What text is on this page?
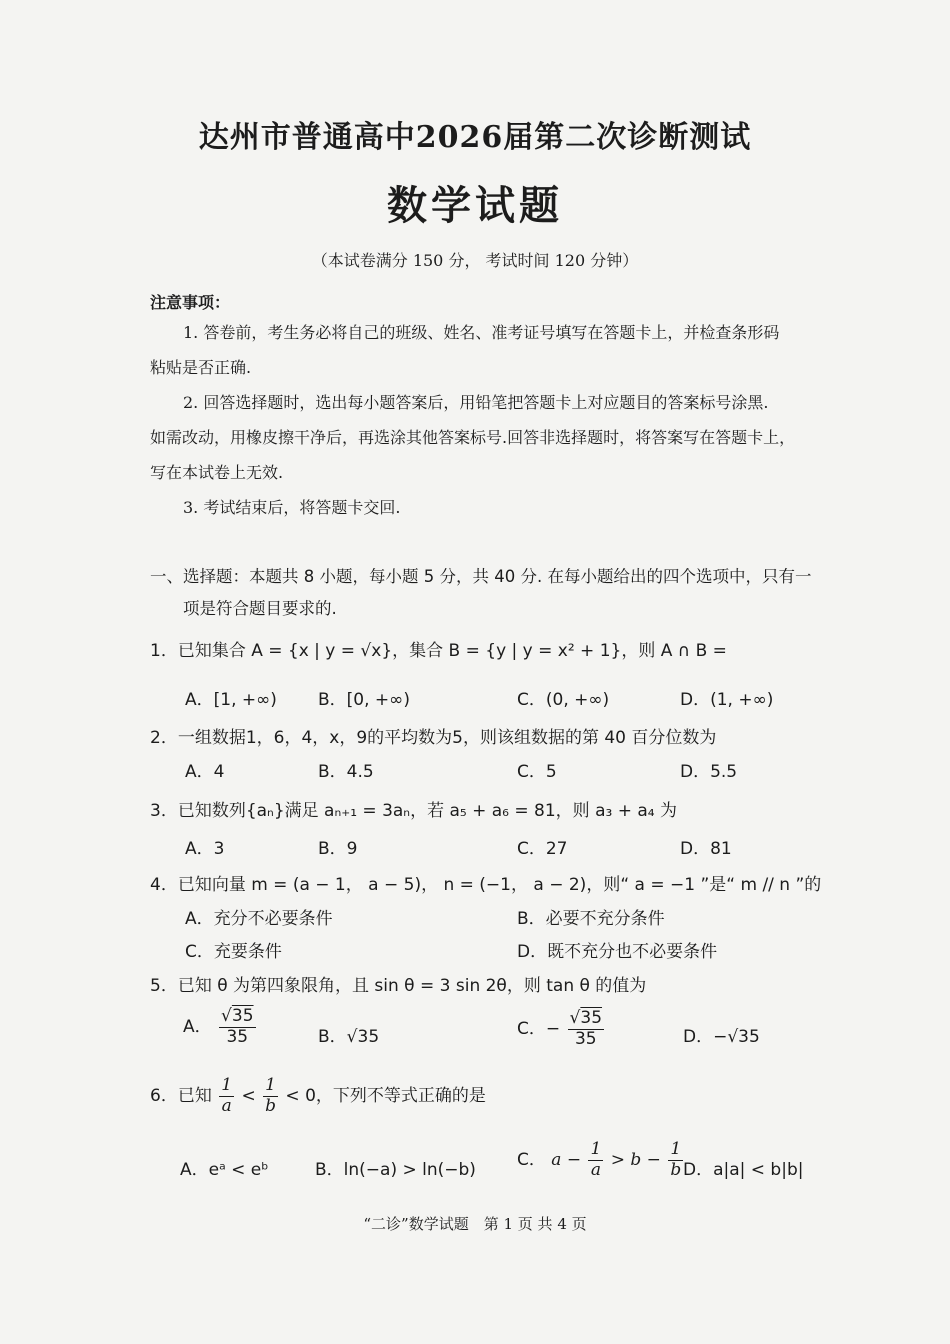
达州市普通高中2026届第二次诊断测试
数学试题
（本试卷满分 150 分， 考试时间 120 分钟）
注意事项：
1. 答卷前，考生务必将自己的班级、姓名、准考证号填写在答题卡上，并检查条形码
粘贴是否正确.
2. 回答选择题时，选出每小题答案后，用铅笔把答题卡上对应题目的答案标号涂黑.
如需改动，用橡皮擦干净后，再选涂其他答案标号.回答非选择题时，将答案写在答题卡上，
写在本试卷上无效.
3. 考试结束后，将答题卡交回.
一、选择题：本题共 8 小题，每小题 5 分，共 40 分. 在每小题给出的四个选项中，只有一
项是符合题目要求的.
1．已知集合 A = {x | y = √x}，集合 B = {y | y = x² + 1}，则 A ∩ B =
A．[1, +∞) B．[0, +∞)	C．(0, +∞)	D．(1, +∞)
2．一组数据1，6，4，x，9的平均数为5，则该组数据的第 40 百分位数为
A．4	B．4.5	C．5	D．5.5
3．已知数列{aₙ}满足 aₙ₊₁ = 3aₙ，若 a₅ + a₆ = 81，则 a₃ + a₄ 为
A．3	B．9	C．27	D．81
4．已知向量 m = (a − 1， a − 5)， n = (−1， a − 2)，则“ a = −1 ”是“ m // n ”的
A．充分不必要条件	B．必要不充分条件
C．充要条件	D．既不充分也不必要条件
5．已知 θ 为第四象限角，且 sin θ = 3 sin 2θ，则 tan θ 的值为
A． $\frac{√35}{35}$	B．√35	C．− $\frac{√35}{35}$	D．−√35
6．已知 $\frac{1}{a} < \frac{1}{b} < 0$，下列不等式正确的是
A．eᵃ < eᵇ	B．ln(−a) > ln(−b) C． $a - \frac{1}{a} > b - \frac{1}{b}$ D．a|a| < b|b|
“二诊”数学试题　第 1 页 共 4 页
